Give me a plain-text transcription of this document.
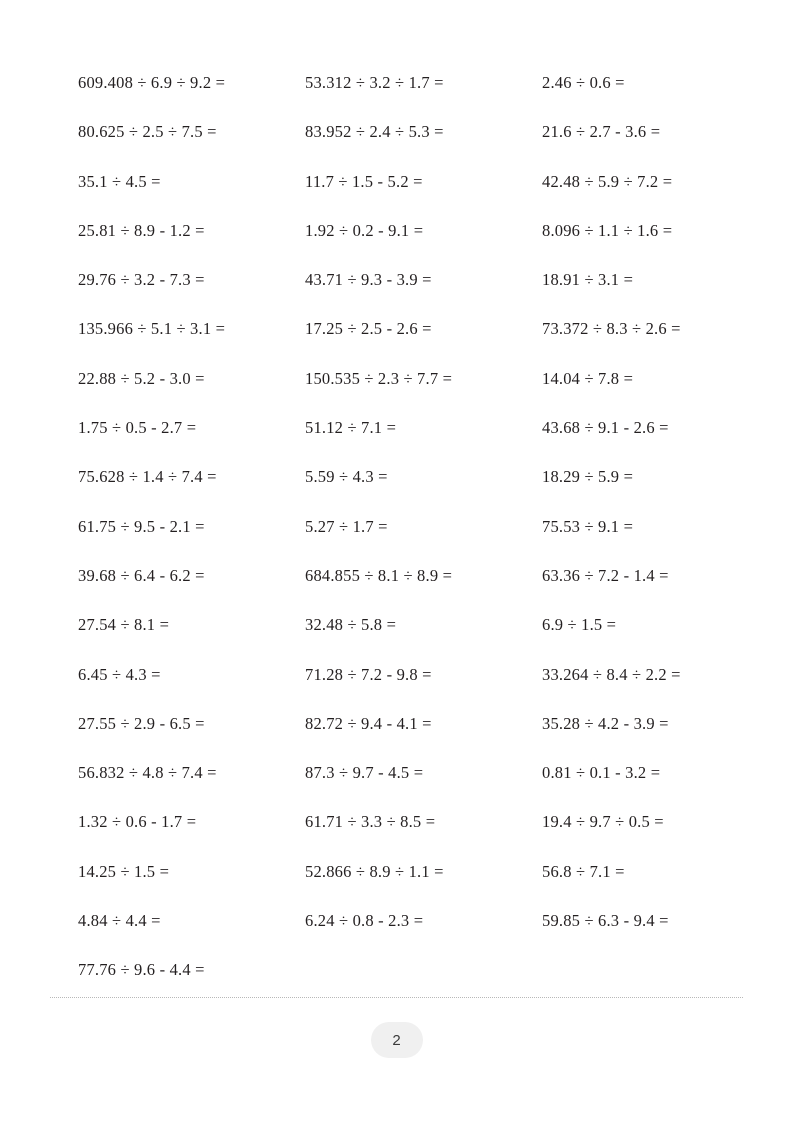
609.408 ÷ 6.9 ÷ 9.2 =
80.625 ÷ 2.5 ÷ 7.5 =
35.1 ÷ 4.5 =
25.81 ÷ 8.9 - 1.2 =
29.76 ÷ 3.2 - 7.3 =
135.966 ÷ 5.1 ÷ 3.1 =
22.88 ÷ 5.2 - 3.0 =
1.75 ÷ 0.5 - 2.7 =
75.628 ÷ 1.4 ÷ 7.4 =
61.75 ÷ 9.5 - 2.1 =
39.68 ÷ 6.4 - 6.2 =
27.54 ÷ 8.1 =
6.45 ÷ 4.3 =
27.55 ÷ 2.9 - 6.5 =
56.832 ÷ 4.8 ÷ 7.4 =
1.32 ÷ 0.6 - 1.7 =
14.25 ÷ 1.5 =
4.84 ÷ 4.4 =
77.76 ÷ 9.6 - 4.4 =
53.312 ÷ 3.2 ÷ 1.7 =
83.952 ÷ 2.4 ÷ 5.3 =
11.7 ÷ 1.5 - 5.2 =
1.92 ÷ 0.2 - 9.1 =
43.71 ÷ 9.3 - 3.9 =
17.25 ÷ 2.5 - 2.6 =
150.535 ÷ 2.3 ÷ 7.7 =
51.12 ÷ 7.1 =
5.59 ÷ 4.3 =
5.27 ÷ 1.7 =
684.855 ÷ 8.1 ÷ 8.9 =
32.48 ÷ 5.8 =
71.28 ÷ 7.2 - 9.8 =
82.72 ÷ 9.4 - 4.1 =
87.3 ÷ 9.7 - 4.5 =
61.71 ÷ 3.3 ÷ 8.5 =
52.866 ÷ 8.9 ÷ 1.1 =
6.24 ÷ 0.8 - 2.3 =
2.46 ÷ 0.6 =
21.6 ÷ 2.7 - 3.6 =
42.48 ÷ 5.9 ÷ 7.2 =
8.096 ÷ 1.1 ÷ 1.6 =
18.91 ÷ 3.1 =
73.372 ÷ 8.3 ÷ 2.6 =
14.04 ÷ 7.8 =
43.68 ÷ 9.1 - 2.6 =
18.29 ÷ 5.9 =
75.53 ÷ 9.1 =
63.36 ÷ 7.2 - 1.4 =
6.9 ÷ 1.5 =
33.264 ÷ 8.4 ÷ 2.2 =
35.28 ÷ 4.2 - 3.9 =
0.81 ÷ 0.1 - 3.2 =
19.4 ÷ 9.7 ÷ 0.5 =
56.8 ÷ 7.1 =
59.85 ÷ 6.3 - 9.4 =
2
